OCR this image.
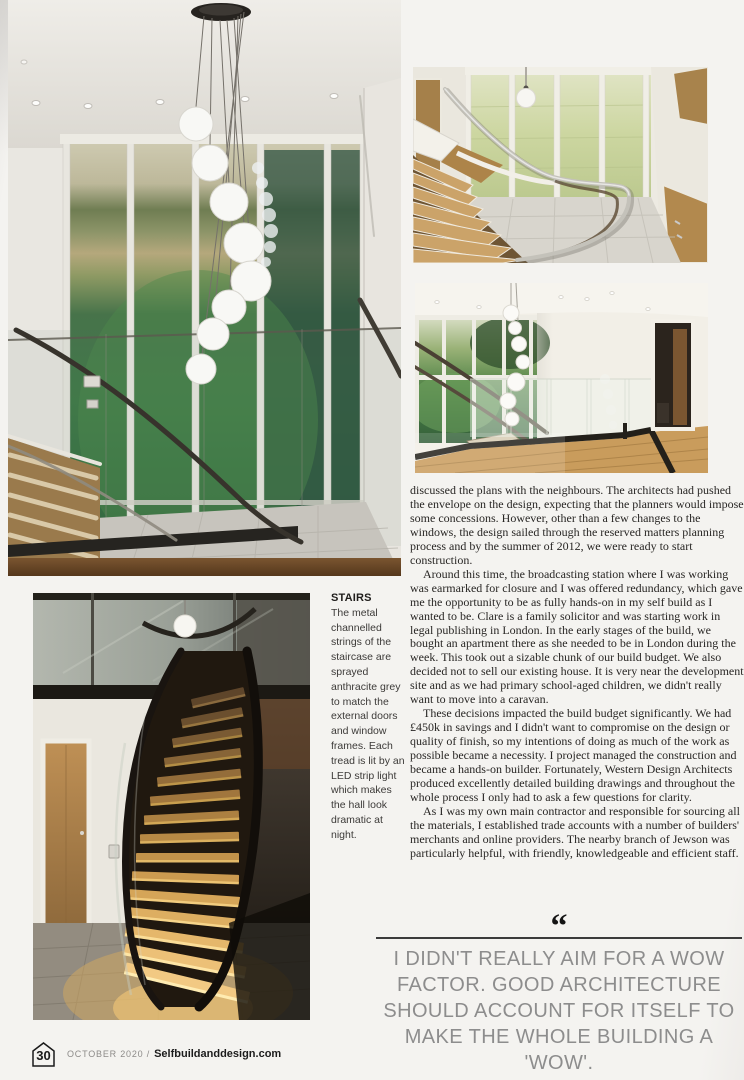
STAIRS
The metal channelled strings of the staircase are sprayed anthracite grey to match the external doors and window frames. Each tread is lit by an LED strip light which makes the hall look dramatic at night.

discussed the plans with the neighbours. The architects had pushed the envelope on the design, expecting that the planners would impose some concessions. However, other than a few changes to the windows, the design sailed through the reserved matters planning process and by the summer of 2012, we were ready to start construction.

Around this time, the broadcasting station where I was working was earmarked for closure and I was offered redundancy, which gave me the opportunity to be as fully hands-on in my self build as I wanted to be. Clare is a family solicitor and was starting work in legal publishing in London. In the early stages of the build, we bought an apartment there as she needed to be in London during the week. This took out a sizable chunk of our build budget. We also decided not to sell our existing house. It is very near the development site and as we had primary school-aged children, we didn't really want to move into a caravan.

These decisions impacted the build budget significantly. We had £450k in savings and I didn't want to compromise on the design or quality of finish, so my intentions of doing as much of the work as possible became a necessity. I project managed the construction and became a hands-on builder. Fortunately, Western Design Architects produced excellently detailed building drawings and throughout the whole process I only had to ask a few questions for clarity.

As I was my own main contractor and responsible for sourcing all the materials, I established trade accounts with a number of builders' merchants and online providers. The nearby branch of Jewson was particularly helpful, with friendly, knowledgeable and efficient staff.

“
I DIDN'T REALLY AIM FOR A WOW
FACTOR. GOOD ARCHITECTURE
SHOULD ACCOUNT FOR ITSELF TO
MAKE THE WHOLE BUILDING A 'WOW'.
30	OCTOBER 2020 / Selfbuildanddesign.com
